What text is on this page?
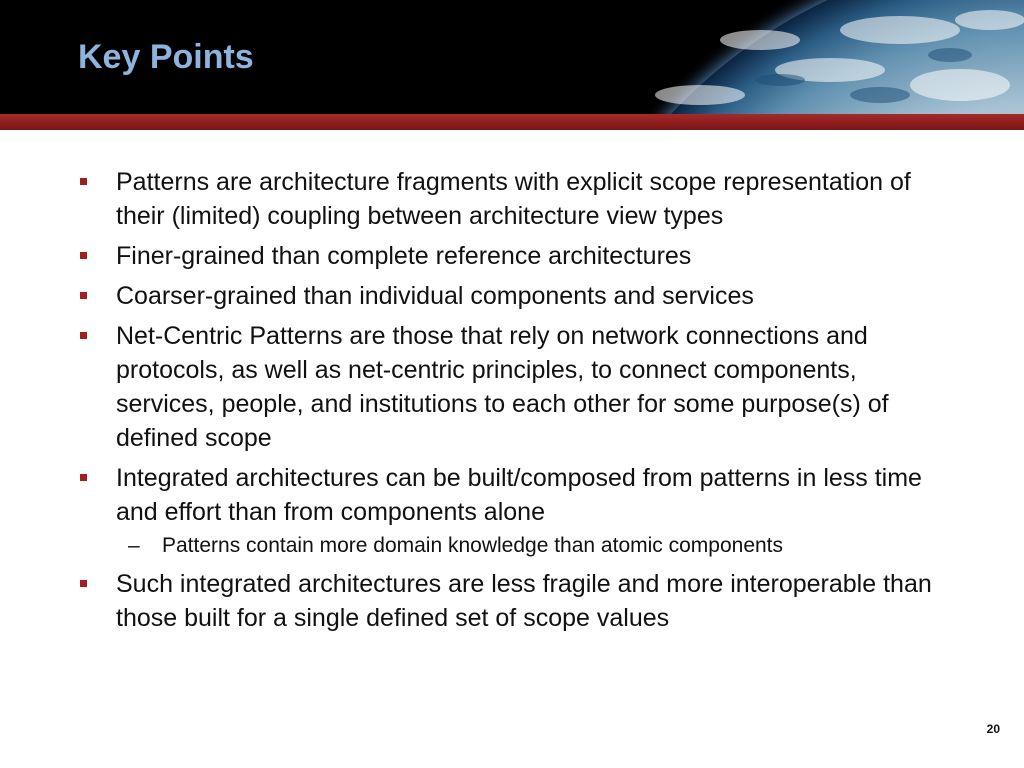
Key Points
Patterns are architecture fragments with explicit scope representation of their (limited) coupling between architecture view types
Finer-grained than complete reference architectures
Coarser-grained than individual components and services
Net-Centric Patterns are those that rely on network connections and protocols, as well as net-centric principles, to connect components, services, people, and institutions to each other for some purpose(s) of defined scope
Integrated architectures can be built/composed from patterns in less time and effort than from components alone
– Patterns contain more domain knowledge than atomic components
Such integrated architectures are less fragile and more interoperable than those built for a single defined set of scope values
20
